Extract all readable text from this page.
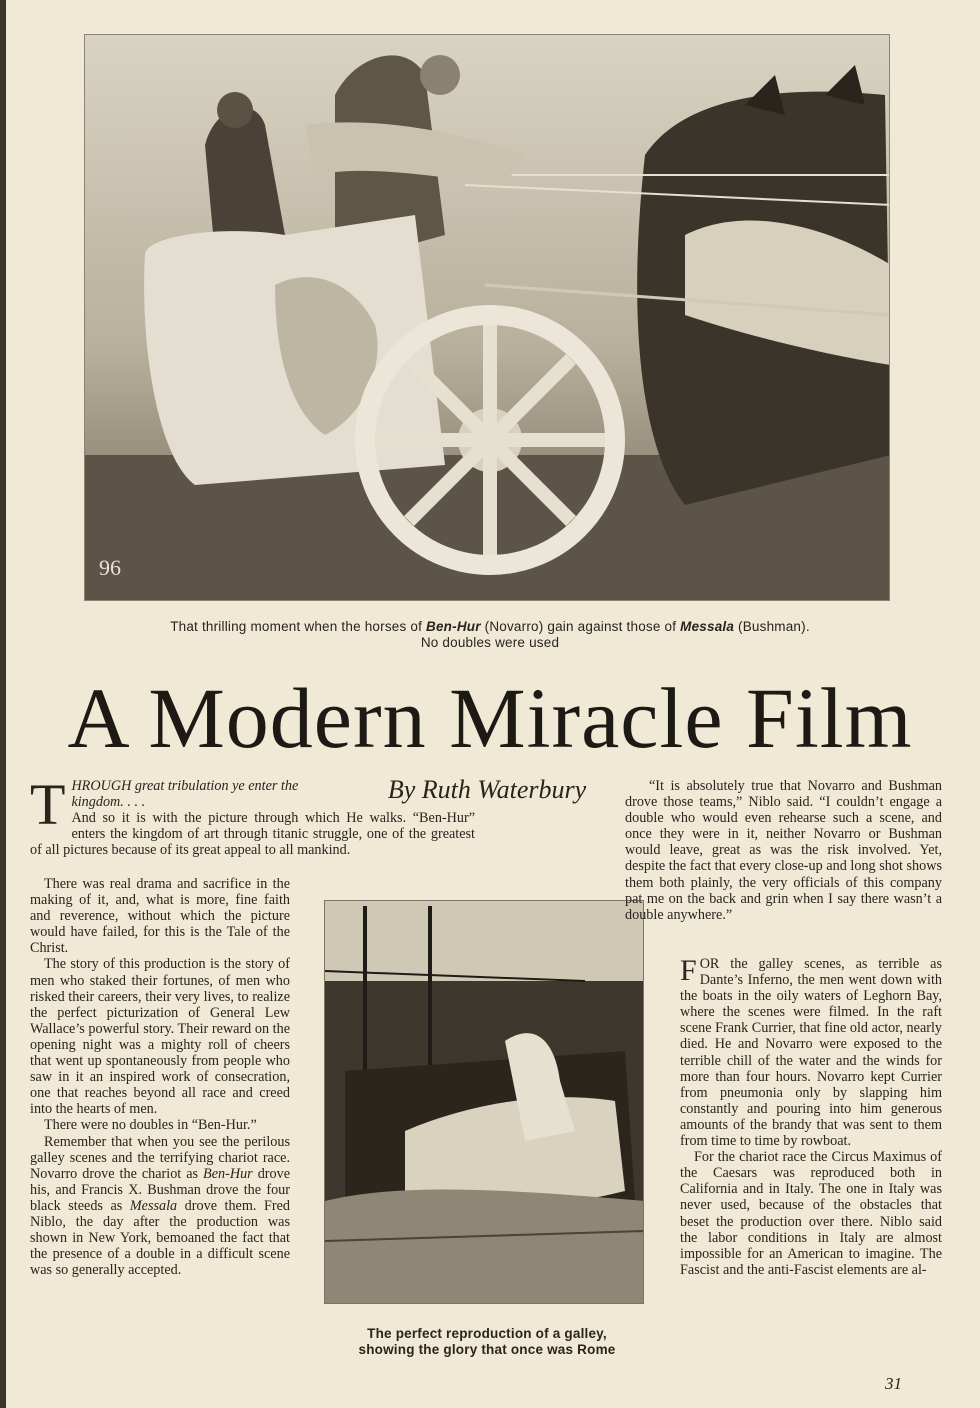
96
That thrilling moment when the horses of Ben-Hur (Novarro) gain against those of Messala (Bushman).
No doubles were used
A Modern Miracle Film
By Ruth Waterbury

T HROUGH great tribulation ye enter the kingdom. . . .
And so it is with the picture through which He walks. “Ben-Hur” enters the kingdom of art through titanic struggle, one of the greatest of all pictures because of its great appeal to all mankind.

There was real drama and sacrifice in the making of it, and, what is more, fine faith and reverence, without which the picture would have failed, for this is the Tale of the Christ.

The story of this production is the story of men who staked their fortunes, of men who risked their careers, their very lives, to realize the perfect picturization of General Lew Wallace’s powerful story. Their reward on the opening night was a mighty roll of cheers that went up spontaneously from people who saw in it an inspired work of consecration, one that reaches beyond all race and creed into the hearts of men.

There were no doubles in “Ben-Hur.”

Remember that when you see the perilous galley scenes and the terrifying chariot race. Novarro drove the chariot as Ben-Hur drove his, and Francis X. Bushman drove the four black steeds as Messala drove them. Fred Niblo, the day after the production was shown in New York, bemoaned the fact that the presence of a double in a difficult scene was so generally accepted.

The perfect reproduction of a galley,
showing the glory that once was Rome

“It is absolutely true that Novarro and Bushman drove those teams,” Niblo said. “I couldn’t engage a double who would even rehearse such a scene, and once they were in it, neither Novarro or Bushman would leave, great as was the risk involved. Yet, despite the fact that every close-up and long shot shows them both plainly, the very officials of this company pat me on the back and grin when I say there wasn’t a double anywhere.”

F OR the galley scenes, as terrible as Dante’s Inferno, the men went down with the boats in the oily waters of Leghorn Bay, where the scenes were filmed. In the raft scene Frank Currier, that fine old actor, nearly died. He and Novarro were exposed to the terrible chill of the water and the winds for more than four hours. Novarro kept Currier from pneumonia only by slapping him constantly and pouring into him generous amounts of the brandy that was sent to them from time to time by rowboat.

For the chariot race the Circus Maximus of the Caesars was reproduced both in California and in Italy. The one in Italy was never used, because of the obstacles that beset the production over there. Niblo said the labor conditions in Italy are almost impossible for an American to imagine. The Fascist and the anti-Fascist elements are al-

31
